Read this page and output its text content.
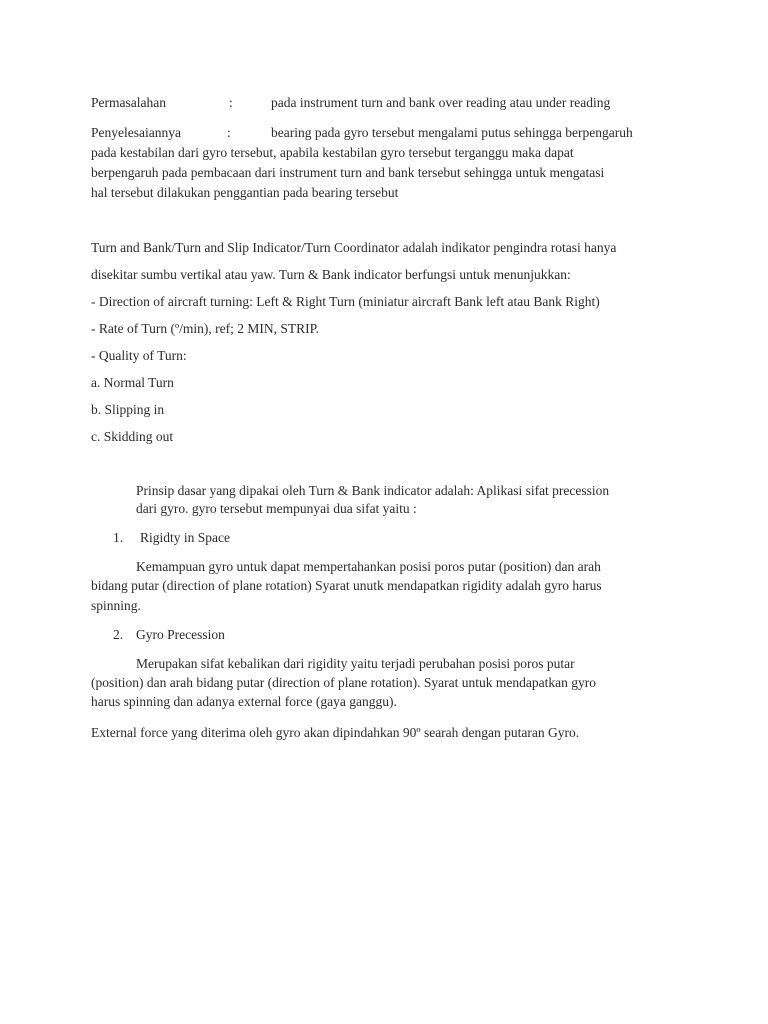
Permasalahan	:	pada instrument turn and bank over reading atau under reading
Penyelesaiannya	:	bearing pada gyro tersebut mengalami putus sehingga berpengaruh
pada kestabilan dari gyro tersebut, apabila kestabilan gyro tersebut terganggu maka dapat
berpengaruh pada pembacaan dari instrument turn and bank tersebut sehingga untuk mengatasi
hal tersebut dilakukan penggantian pada bearing tersebut
Turn and Bank/Turn and Slip Indicator/Turn Coordinator adalah indikator pengindra rotasi hanya
disekitar sumbu vertikal atau yaw. Turn & Bank indicator berfungsi untuk menunjukkan:
- Direction of aircraft turning: Left & Right Turn (miniatur aircraft Bank left atau Bank Right)
- Rate of Turn (º/min), ref; 2 MIN, STRIP.
- Quality of Turn:
a. Normal Turn
b. Slipping in
c. Skidding out
Prinsip dasar yang dipakai oleh Turn & Bank indicator adalah: Aplikasi sifat precession
dari gyro. gyro tersebut mempunyai dua sifat yaitu :
1. Rigidty in Space
Kemampuan gyro untuk dapat mempertahankan posisi poros putar (position) dan arah
bidang putar (direction of plane rotation) Syarat unutk mendapatkan rigidity adalah gyro harus
spinning.
2. Gyro Precession
Merupakan sifat kebalikan dari rigidity yaitu terjadi perubahan posisi poros putar
(position) dan arah bidang putar (direction of plane rotation). Syarat untuk mendapatkan gyro
harus spinning dan adanya external force (gaya ganggu).
External force yang diterima oleh gyro akan dipindahkan 90º searah dengan putaran Gyro.
